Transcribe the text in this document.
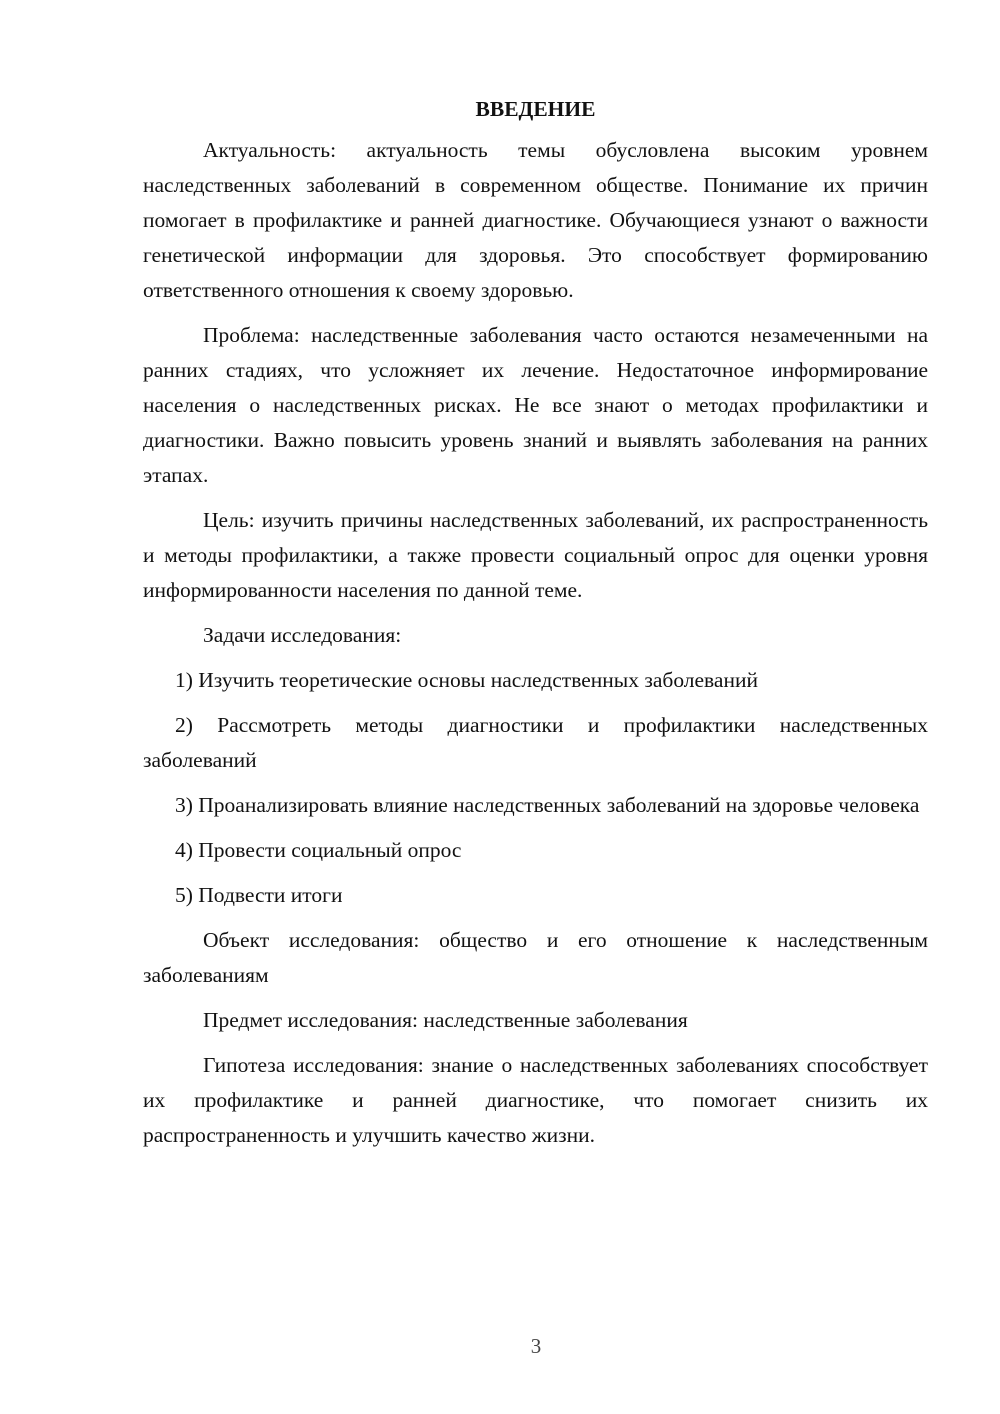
ВВЕДЕНИЕ

Актуальность: актуальность темы обусловлена высоким уровнем наследственных заболеваний в современном обществе. Понимание их причин помогает в профилактике и ранней диагностике. Обучающиеся узнают о важности генетической информации для здоровья. Это способствует формированию ответственного отношения к своему здоровью.

Проблема: наследственные заболевания часто остаются незамеченными на ранних стадиях, что усложняет их лечение. Недостаточное информирование населения о наследственных рисках. Не все знают о методах профилактики и диагностики. Важно повысить уровень знаний и выявлять заболевания на ранних этапах.

Цель: изучить причины наследственных заболеваний, их распространенность и методы профилактики, а также провести социальный опрос для оценки уровня информированности населения по данной теме.

Задачи исследования:

1) Изучить теоретические основы наследственных заболеваний

2) Рассмотреть методы диагностики и профилактики наследственных заболеваний

3) Проанализировать влияние наследственных заболеваний на здоровье человека

4) Провести социальный опрос

5) Подвести итоги

Объект исследования: общество и его отношение к наследственным заболеваниям

Предмет исследования: наследственные заболевания

Гипотеза исследования: знание о наследственных заболеваниях способствует их профилактике и ранней диагностике, что помогает снизить их распространенность и улучшить качество жизни.

3
